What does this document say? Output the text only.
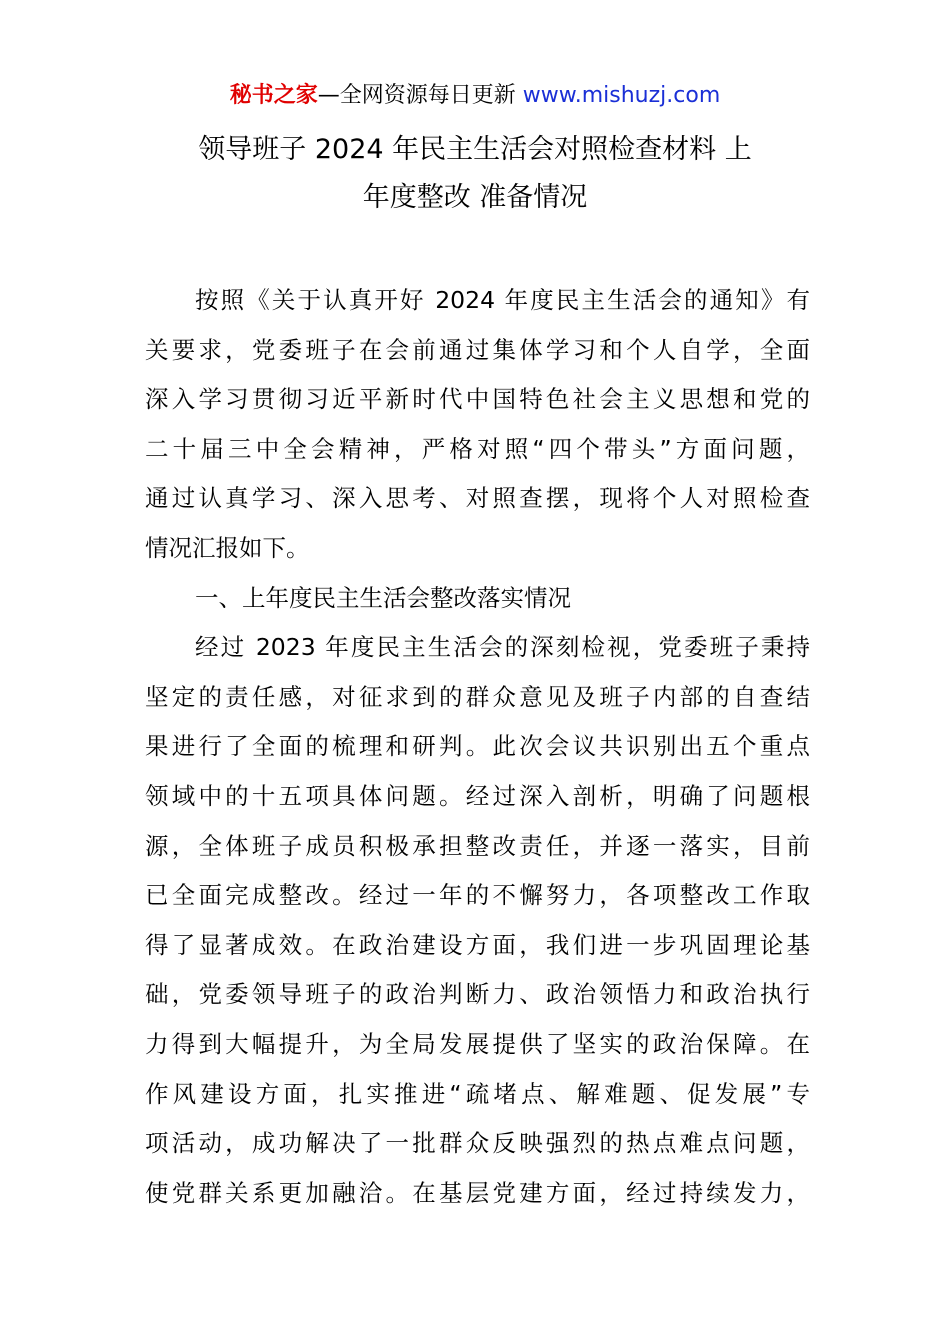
秘书之家—全网资源每日更新 www.mishuzj.com
领导班子 2024 年民主生活会对照检查材料 上
年度整改 准备情况
按照《关于认真开好 2024 年度民主生活会的通知》有
关要求，党委班子在会前通过集体学习和个人自学，全面
深入学习贯彻习近平新时代中国特色社会主义思想和党的
二十届三中全会精神，严格对照“四个带头”方面问题，
通过认真学习、深入思考、对照查摆，现将个人对照检查
情况汇报如下。
一、上年度民主生活会整改落实情况
经过 2023 年度民主生活会的深刻检视，党委班子秉持
坚定的责任感，对征求到的群众意见及班子内部的自查结
果进行了全面的梳理和研判。此次会议共识别出五个重点
领域中的十五项具体问题。经过深入剖析，明确了问题根
源，全体班子成员积极承担整改责任，并逐一落实，目前
已全面完成整改。经过一年的不懈努力，各项整改工作取
得了显著成效。在政治建设方面，我们进一步巩固理论基
础，党委领导班子的政治判断力、政治领悟力和政治执行
力得到大幅提升，为全局发展提供了坚实的政治保障。在
作风建设方面，扎实推进“疏堵点、解难题、促发展”专
项活动，成功解决了一批群众反映强烈的热点难点问题，
使党群关系更加融洽。在基层党建方面，经过持续发力，
